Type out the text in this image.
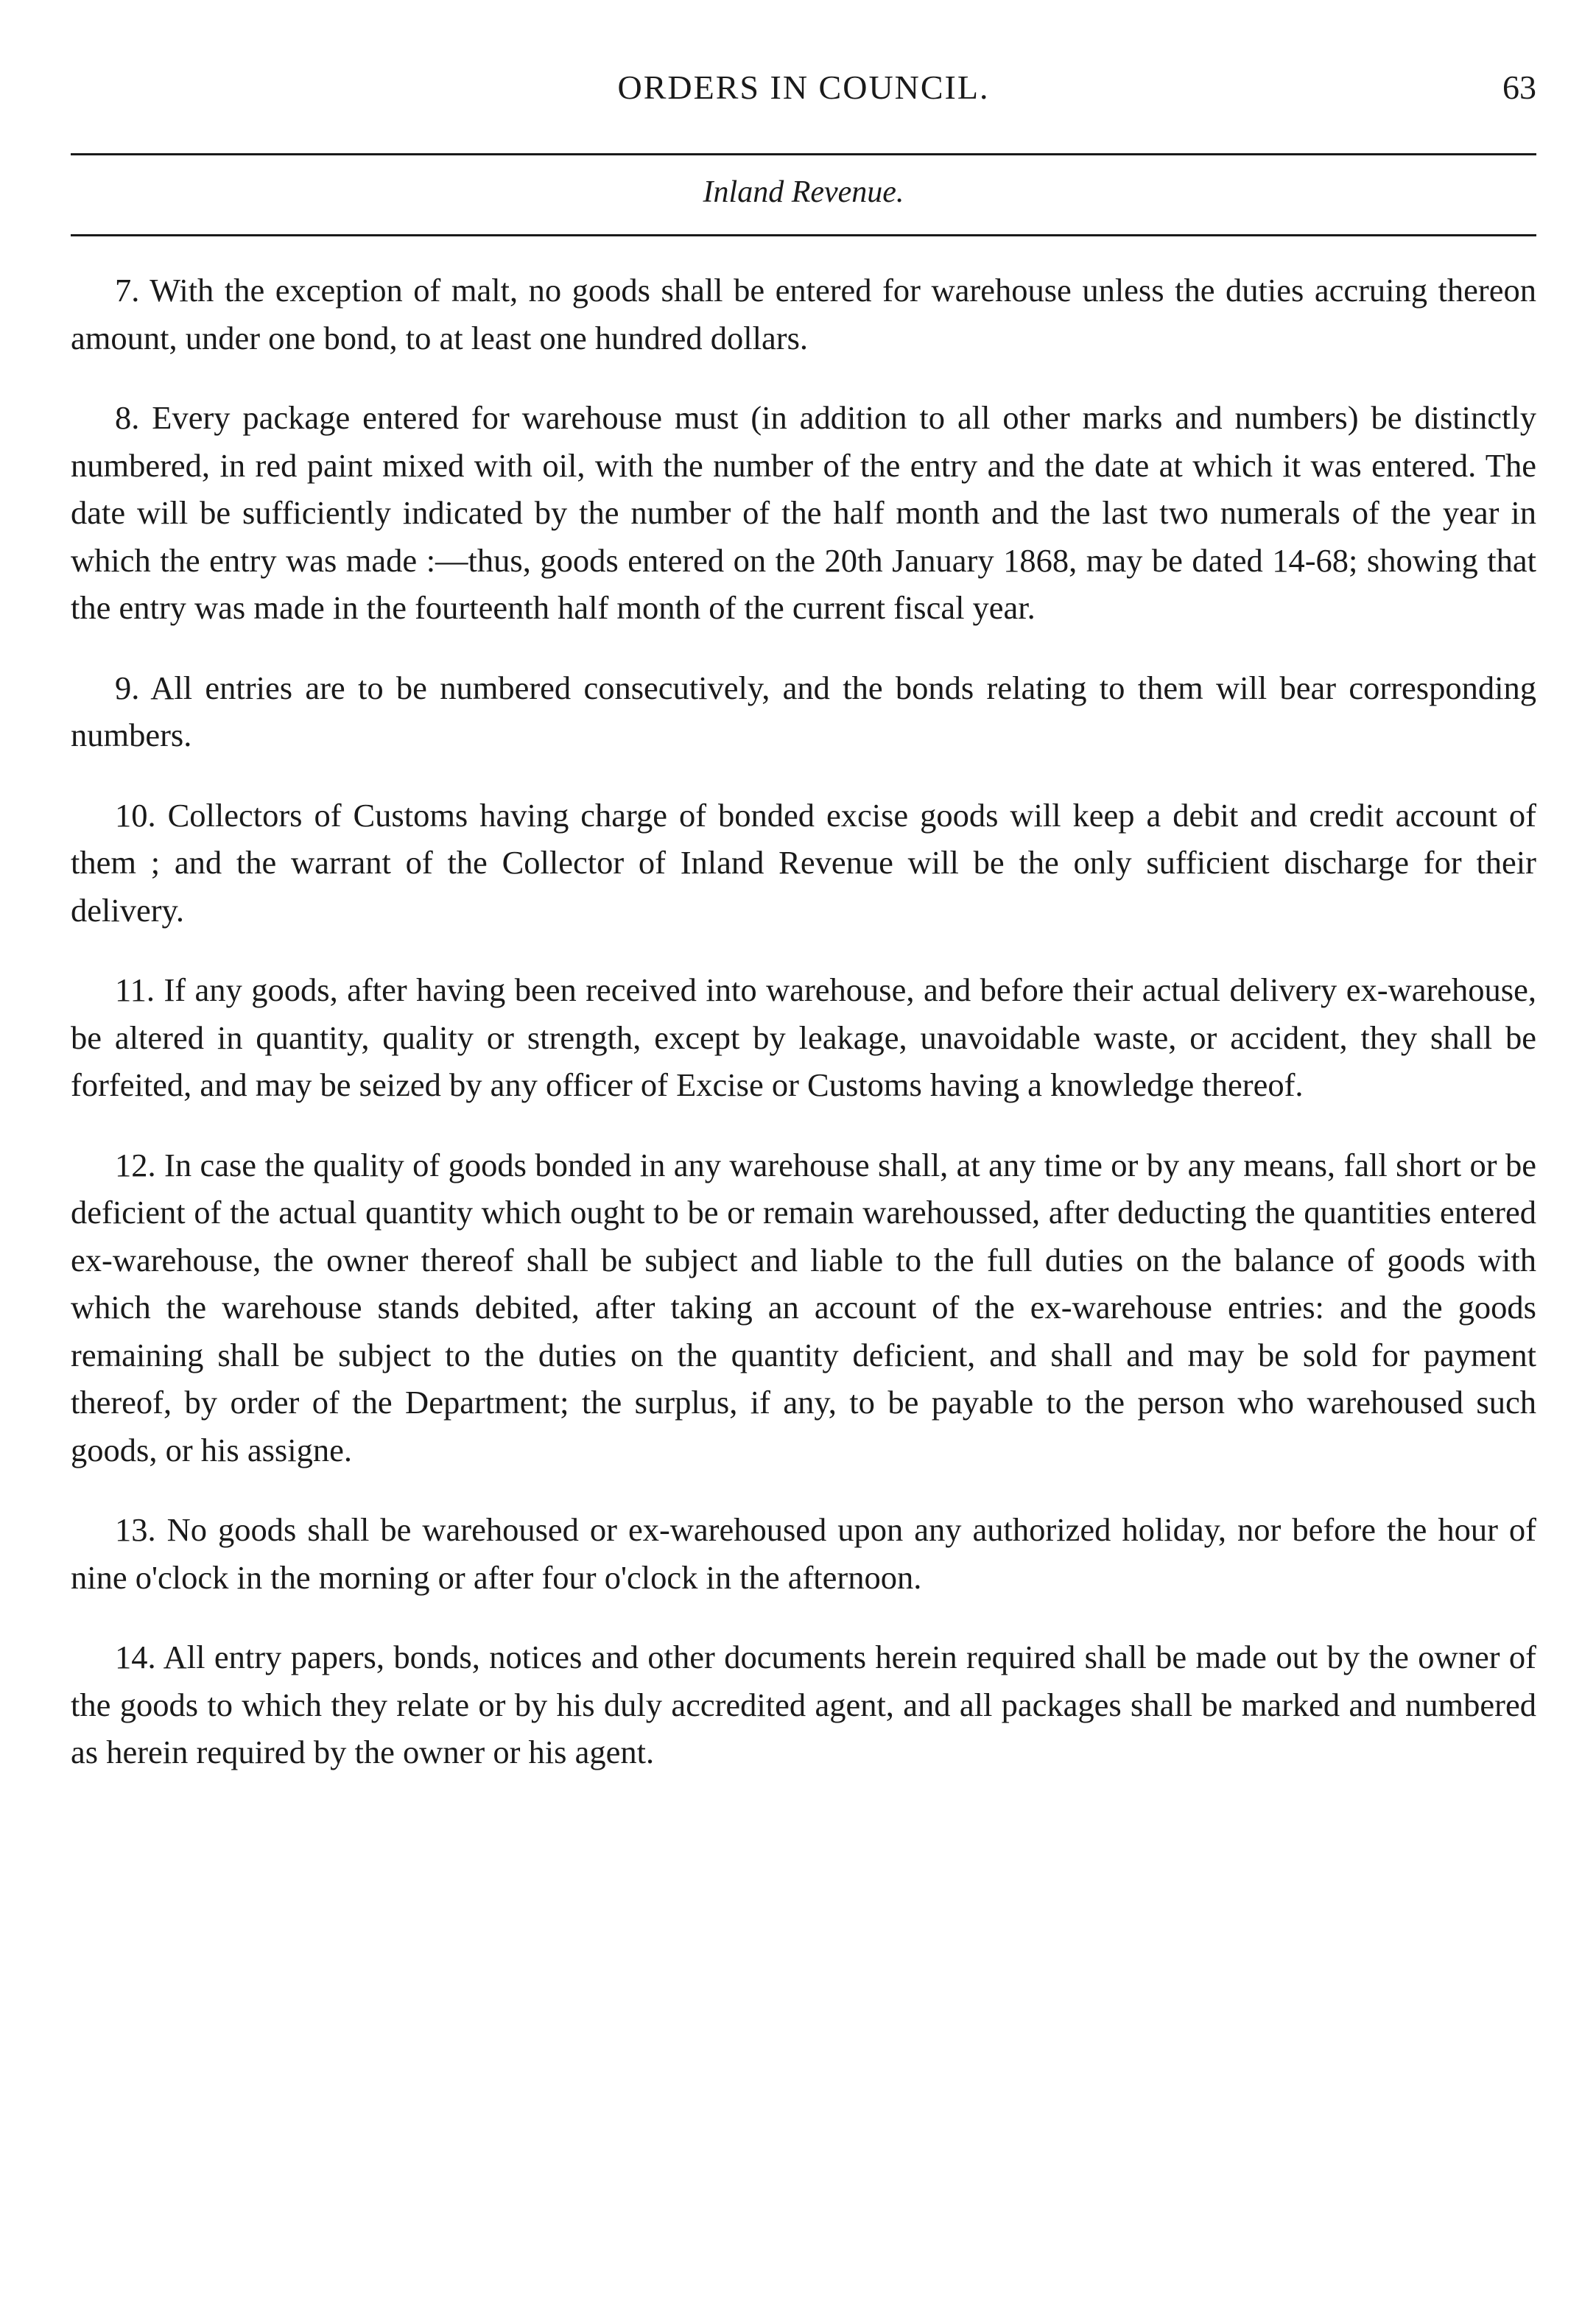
ORDERS IN COUNCIL.	63
Inland Revenue.

7. With the exception of malt, no goods shall be entered for warehouse unless the duties accruing thereon amount, under one bond, to at least one hundred dollars.

8. Every package entered for warehouse must (in addition to all other marks and numbers) be distinctly numbered, in red paint mixed with oil, with the number of the entry and the date at which it was entered. The date will be sufficiently indicated by the number of the half month and the last two numerals of the year in which the entry was made :—thus, goods entered on the 20th January 1868, may be dated 14-68; showing that the entry was made in the fourteenth half month of the current fiscal year.

9. All entries are to be numbered consecutively, and the bonds relating to them will bear corresponding numbers.

10. Collectors of Customs having charge of bonded excise goods will keep a debit and credit account of them ; and the warrant of the Collector of Inland Revenue will be the only sufficient discharge for their delivery.

11. If any goods, after having been received into warehouse, and before their actual delivery ex-warehouse, be altered in quantity, quality or strength, except by leakage, unavoidable waste, or accident, they shall be forfeited, and may be seized by any officer of Excise or Customs having a knowledge thereof.

12. In case the quality of goods bonded in any warehouse shall, at any time or by any means, fall short or be deficient of the actual quantity which ought to be or remain warehoussed, after deducting the quantities entered ex-warehouse, the owner thereof shall be subject and liable to the full duties on the balance of goods with which the warehouse stands debited, after taking an account of the ex-warehouse entries: and the goods remaining shall be subject to the duties on the quantity deficient, and shall and may be sold for payment thereof, by order of the Department; the surplus, if any, to be payable to the person who warehoused such goods, or his assigne.

13. No goods shall be warehoused or ex-warehoused upon any authorized holiday, nor before the hour of nine o'clock in the morning or after four o'clock in the afternoon.

14. All entry papers, bonds, notices and other documents herein required shall be made out by the owner of the goods to which they relate or by his duly accredited agent, and all packages shall be marked and numbered as herein required by the owner or his agent.
